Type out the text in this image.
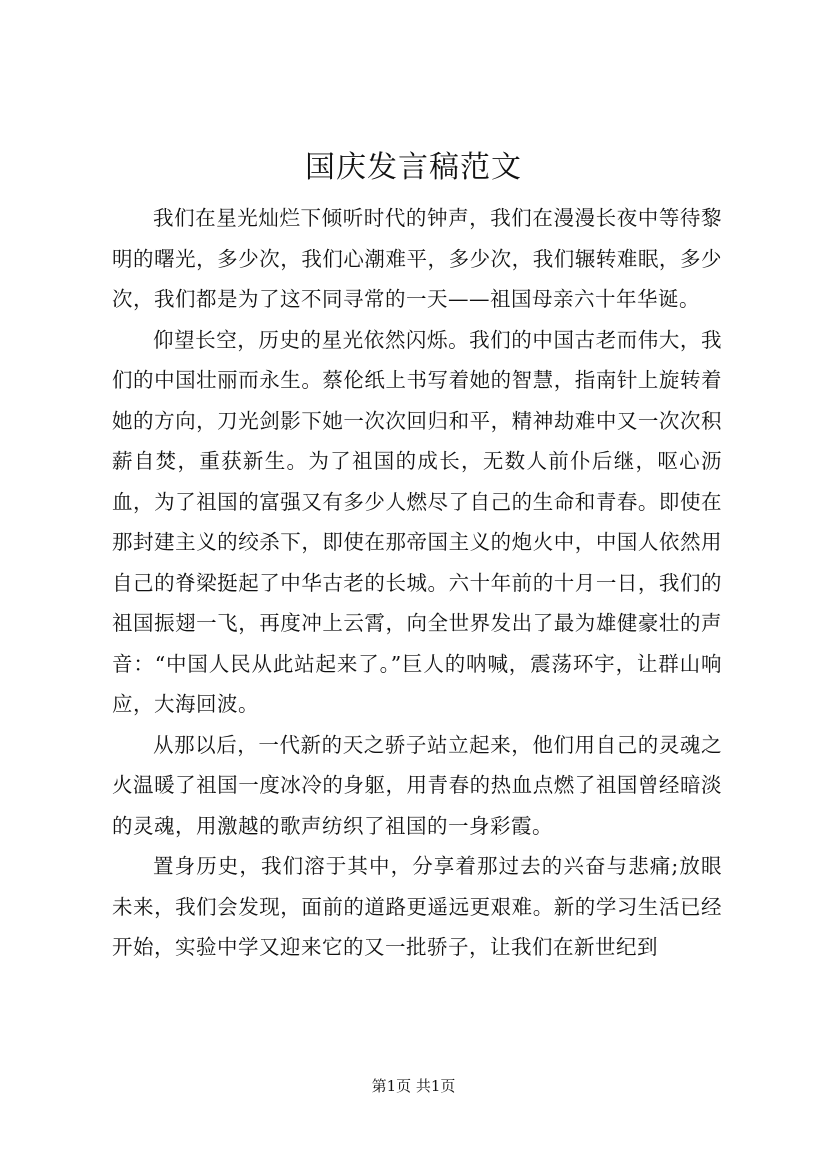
国庆发言稿范文

我们在星光灿烂下倾听时代的钟声，我们在漫漫长夜中等待黎明的曙光，多少次，我们心潮难平，多少次，我们辗转难眠，多少次，我们都是为了这不同寻常的一天——祖国母亲六十年华诞。

仰望长空，历史的星光依然闪烁。我们的中国古老而伟大，我们的中国壮丽而永生。蔡伦纸上书写着她的智慧，指南针上旋转着她的方向，刀光剑影下她一次次回归和平，精神劫难中又一次次积薪自焚，重获新生。为了祖国的成长，无数人前仆后继，呕心沥血，为了祖国的富强又有多少人燃尽了自己的生命和青春。即使在那封建主义的绞杀下，即使在那帝国主义的炮火中，中国人依然用自己的脊梁挺起了中华古老的长城。六十年前的十月一日，我们的祖国振翅一飞，再度冲上云霄，向全世界发出了最为雄健豪壮的声音：“中国人民从此站起来了。”巨人的呐喊，震荡环宇，让群山响应，大海回波。

从那以后，一代新的天之骄子站立起来，他们用自己的灵魂之火温暖了祖国一度冰冷的身躯，用青春的热血点燃了祖国曾经暗淡的灵魂，用激越的歌声纺织了祖国的一身彩霞。

置身历史，我们溶于其中，分享着那过去的兴奋与悲痛;放眼未来，我们会发现，面前的道路更遥远更艰难。新的学习生活已经开始，实验中学又迎来它的又一批骄子，让我们在新世纪到

第1页 共1页
